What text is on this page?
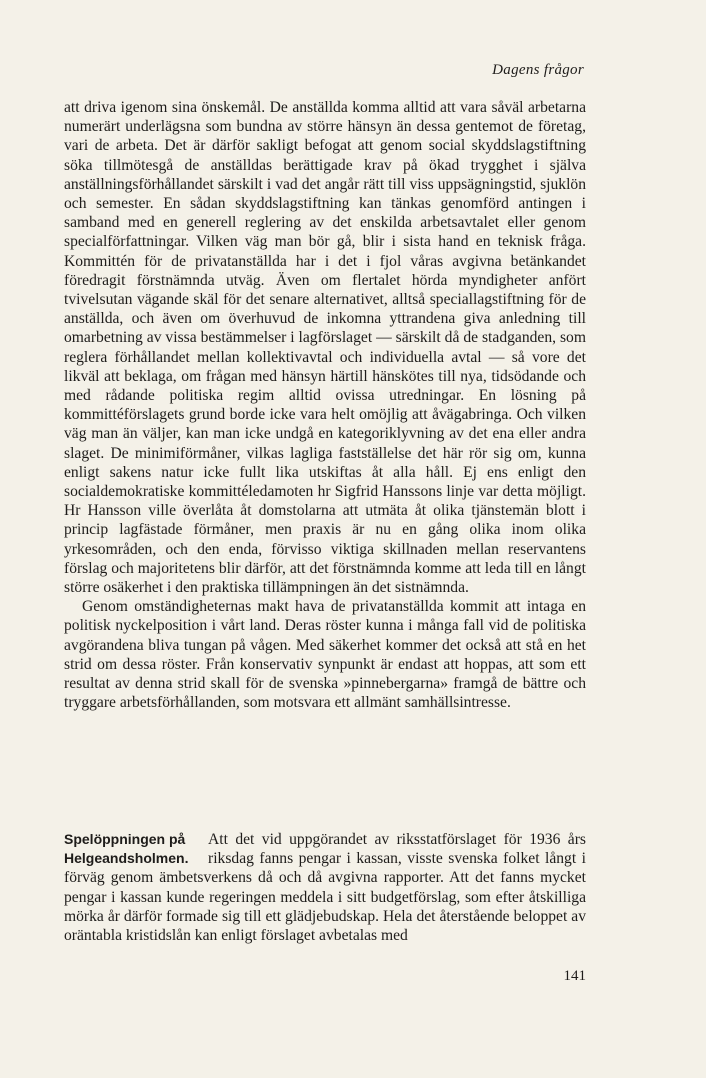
Dagens frågor

att driva igenom sina önskemål. De anställda komma alltid att vara såväl arbetarna numerärt underlägsna som bundna av större hänsyn än dessa gentemot de företag, vari de arbeta. Det är därför sakligt befogat att genom social skyddslagstiftning söka tillmötesgå de anställdas berättigade krav på ökad trygghet i själva anställningsförhållandet särskilt i vad det angår rätt till viss uppsägningstid, sjuklön och semester. En sådan skyddslagstiftning kan tänkas genomförd antingen i samband med en generell reglering av det enskilda arbetsavtalet eller genom specialförfattningar. Vilken väg man bör gå, blir i sista hand en teknisk fråga. Kommittén för de privatanställda har i det i fjol våras avgivna betänkandet föredragit förstnämnda utväg. Även om flertalet hörda myndigheter anfört tvivelsutan vägande skäl för det senare alternativet, alltså speciallagstiftning för de anställda, och även om överhuvud de inkomna yttrandena giva anledning till omarbetning av vissa bestämmelser i lagförslaget — särskilt då de stadganden, som reglera förhållandet mellan kollektivavtal och individuella avtal — så vore det likväl att beklaga, om frågan med hänsyn härtill hänskötes till nya, tidsödande och med rådande politiska regim alltid ovissa utredningar. En lösning på kommittéförslagets grund borde icke vara helt omöjlig att åvägabringa. Och vilken väg man än väljer, kan man icke undgå en kategoriklyvning av det ena eller andra slaget. De minimiförmåner, vilkas lagliga fastställelse det här rör sig om, kunna enligt sakens natur icke fullt lika utskiftas åt alla håll. Ej ens enligt den socialdemokratiske kommittéledamoten hr Sigfrid Hanssons linje var detta möjligt. Hr Hansson ville överlåta åt domstolarna att utmäta åt olika tjänstemän blott i princip lagfästade förmåner, men praxis är nu en gång olika inom olika yrkesområden, och den enda, förvisso viktiga skillnaden mellan reservantens förslag och majoritetens blir därför, att det förstnämnda komme att leda till en långt större osäkerhet i den praktiska tillämpningen än det sistnämnda.

Genom omständigheternas makt hava de privatanställda kommit att intaga en politisk nyckelposition i vårt land. Deras röster kunna i många fall vid de politiska avgörandena bliva tungan på vågen. Med säkerhet kommer det också att stå en het strid om dessa röster. Från konservativ synpunkt är endast att hoppas, att som ett resultat av denna strid skall för de svenska »pinnebergarna» framgå de bättre och tryggare arbetsförhållanden, som motsvara ett allmänt samhällsintresse.

Spelöppningen på
Helgeandsholmen.
Att det vid uppgörandet av riksstatförslaget för 1936 års riksdag fanns pengar i kassan, visste svenska folket långt i förväg genom ämbetsverkens då och då avgivna rapporter. Att det fanns mycket pengar i kassan kunde regeringen meddela i sitt budgetförslag, som efter åtskilliga mörka år därför formade sig till ett glädjebudskap. Hela det återstående beloppet av oräntabla kristidslån kan enligt förslaget avbetalas med
141
